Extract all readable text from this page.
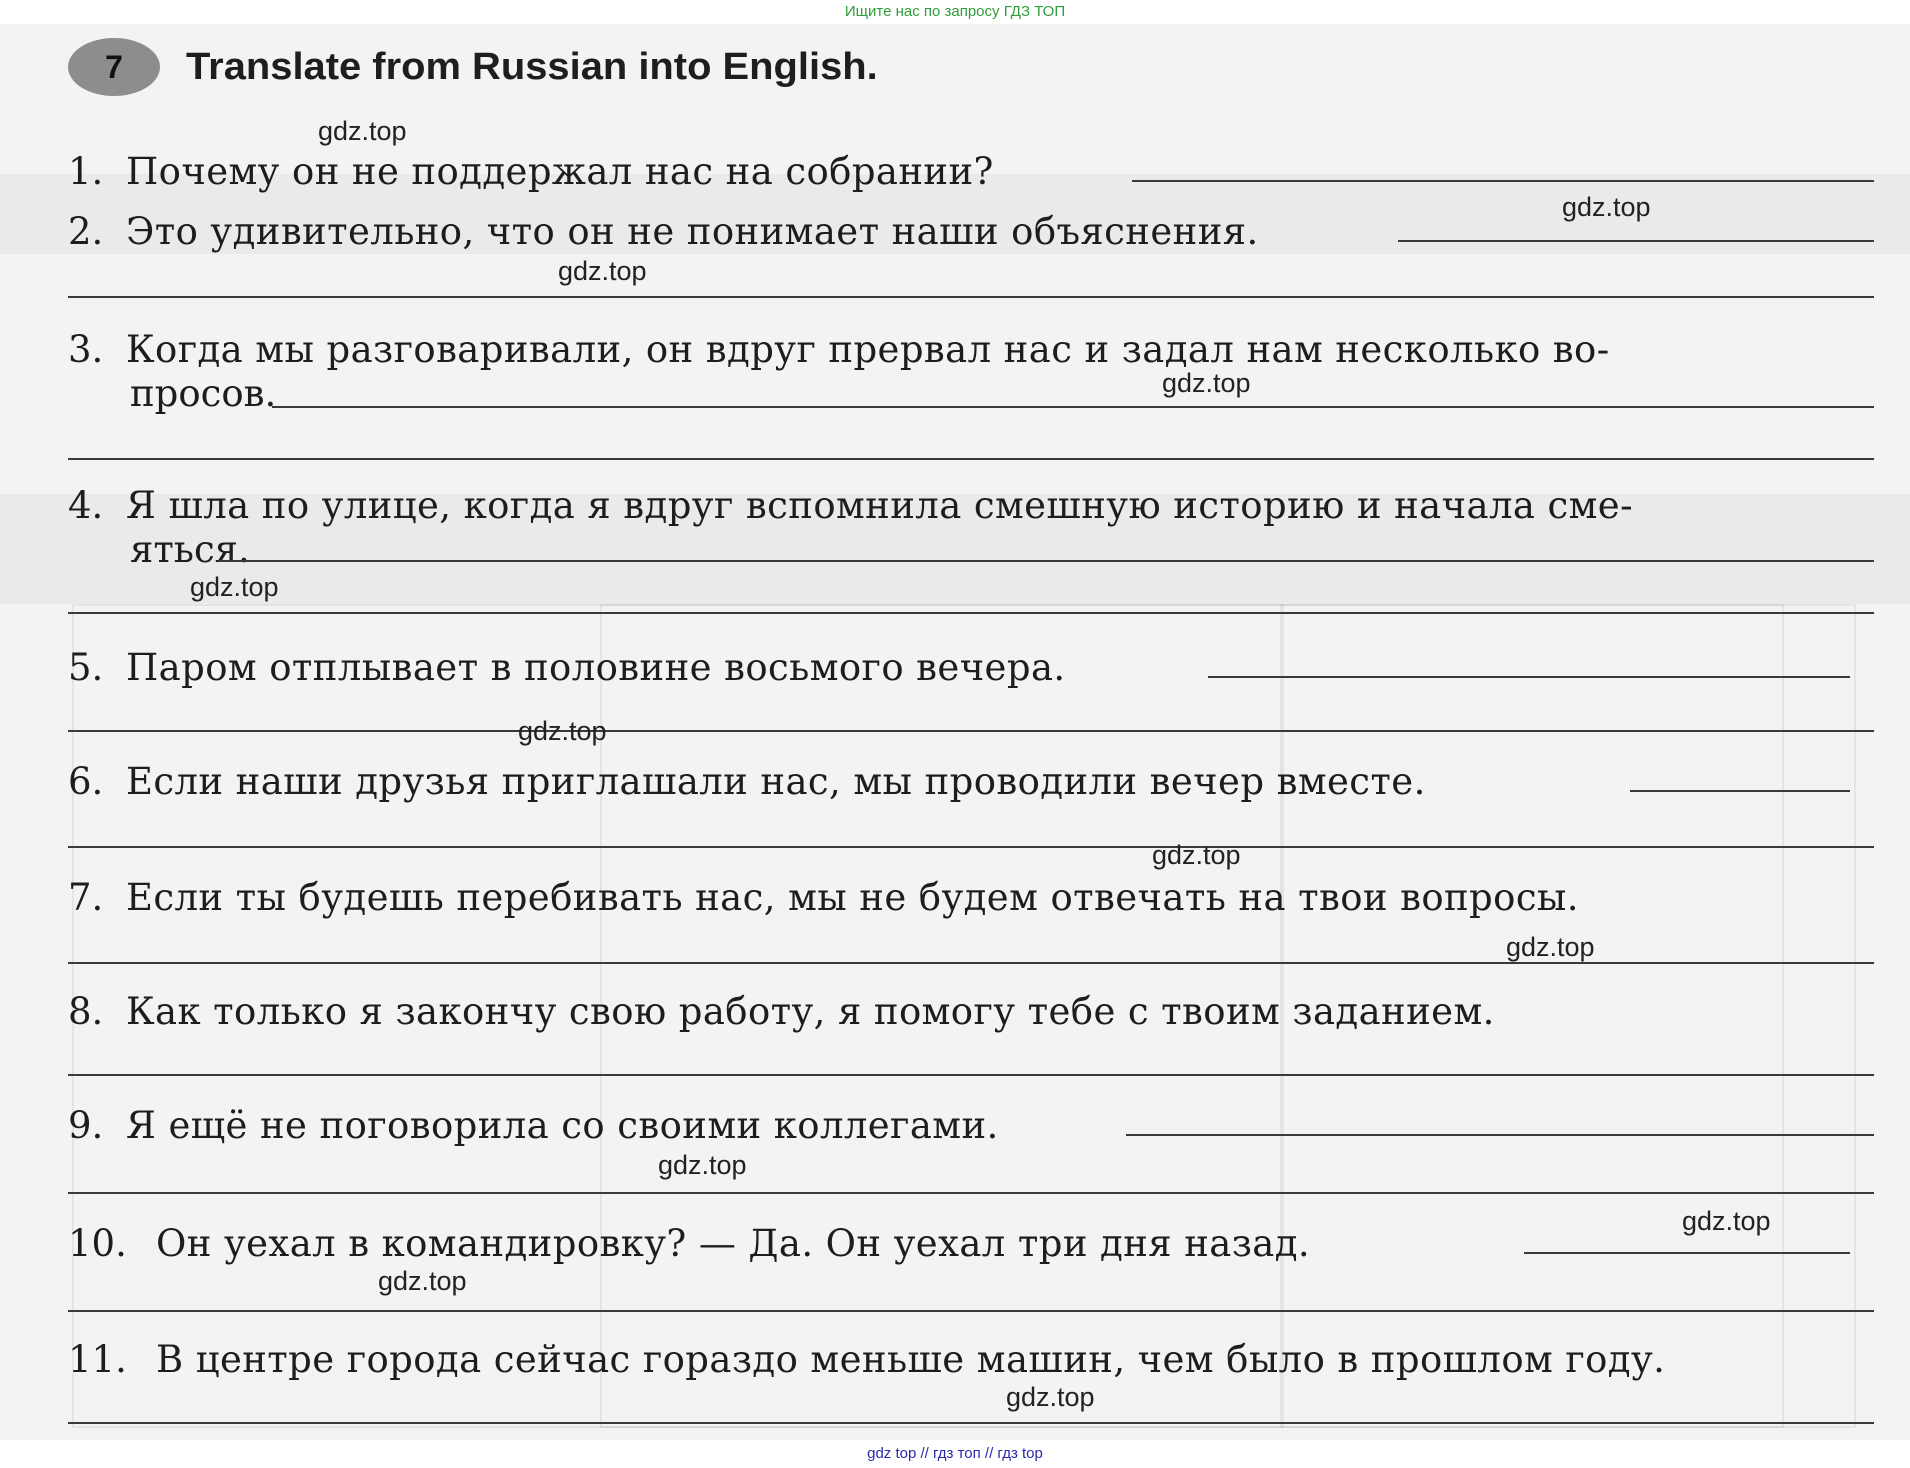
Ищите нас по запросу ГДЗ ТОП
7 Translate from Russian into English.
1. Почему он не поддержал нас на собрании?
2. Это удивительно, что он не понимает наши объяснения.
3. Когда мы разговаривали, он вдруг прервал нас и задал нам несколько во-
просов.
4. Я шла по улице, когда я вдруг вспомнила смешную историю и начала сме-
яться.
5. Паром отплывает в половине восьмого вечера.
6. Если наши друзья приглашали нас, мы проводили вечер вместе.
7. Если ты будешь перебивать нас, мы не будем отвечать на твои вопросы.
8. Как только я закончу свою работу, я помогу тебе с твоим заданием.
9. Я ещё не поговорила со своими коллегами.
10. Он уехал в командировку? — Да. Он уехал три дня назад.
11. В центре города сейчас гораздо меньше машин, чем было в прошлом году.
gdz.top
gdz.top
gdz.top
gdz.top
gdz.top
gdz.top
gdz.top
gdz.top
gdz.top
gdz.top
gdz.top
gdz.top
gdz top // гдз топ // гдз top
